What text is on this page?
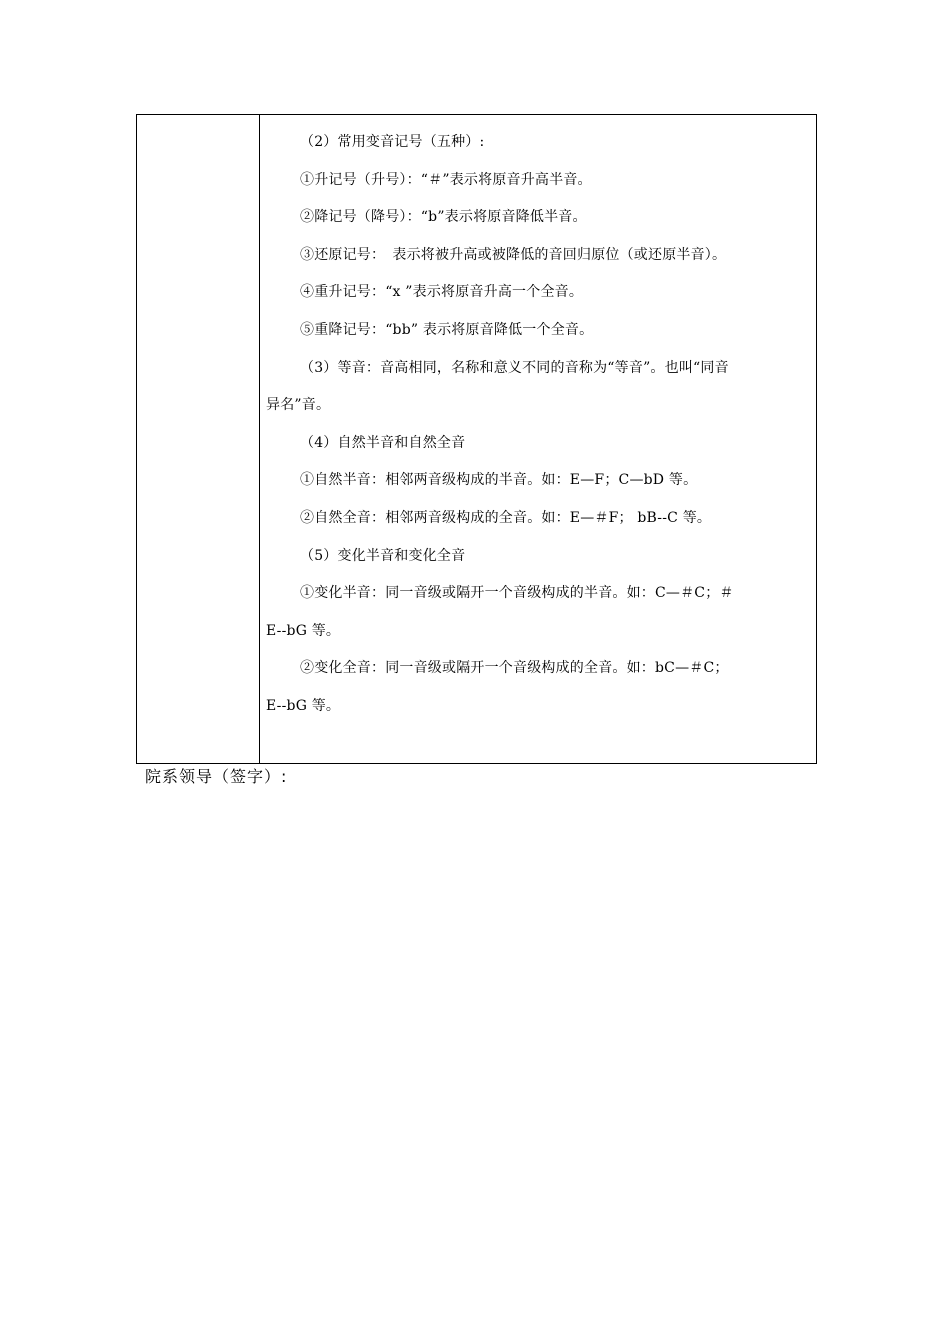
（2）常用变音记号（五种）:
①升记号（升号）：“＃”表示将原音升高半音。
②降记号（降号）：“b”表示将原音降低半音。
③还原记号：　表示将被升高或被降低的音回归原位（或还原半音）。
④重升记号：“x ”表示将原音升高一个全音。
⑤重降记号：“bb” 表示将原音降低一个全音。
（3）等音：音高相同，名称和意义不同的音称为“等音”。也叫“同音
异名”音。
（4）自然半音和自然全音
①自然半音：相邻两音级构成的半音。如：E—F；C—bD 等。
②自然全音：相邻两音级构成的全音。如：E—＃F； bB--C 等。
（5）变化半音和变化全音
①变化半音：同一音级或隔开一个音级构成的半音。如：C—＃C；＃
E--bG 等。
②变化全音：同一音级或隔开一个音级构成的全音。如：bC—＃C；
E--bG 等。
院系领导（签字）:
